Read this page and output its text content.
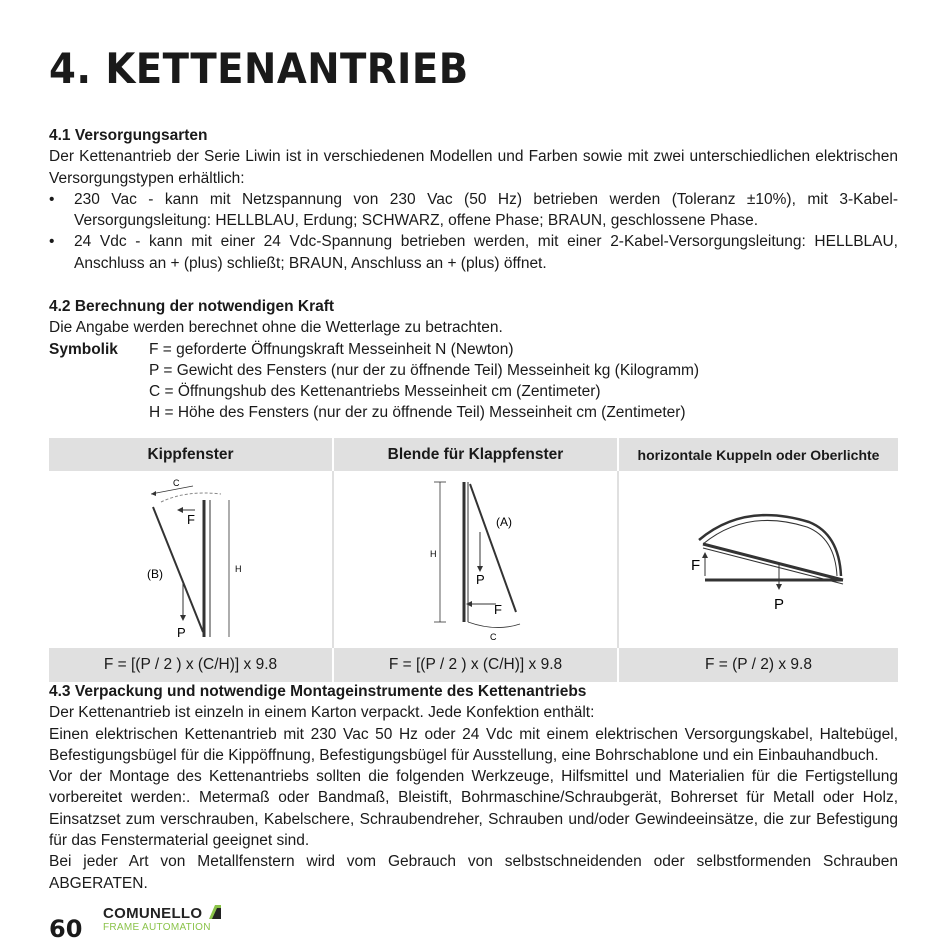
4. KETTENANTRIEB
4.1 Versorgungsarten
Der Kettenantrieb der Serie Liwin ist in verschiedenen Modellen und Farben sowie mit zwei unterschiedlichen elektrischen Versorgungstypen erhältlich:
•	230 Vac - kann mit Netzspannung von 230 Vac (50 Hz) betrieben werden (Toleranz ±10%), mit 3-Kabel-Versorgungsleitung: HELLBLAU, Erdung; SCHWARZ, offene Phase; BRAUN, geschlossene Phase.
•	24 Vdc - kann mit einer 24 Vdc-Spannung betrieben werden, mit einer 2-Kabel-Versorgungsleitung: HELLBLAU, Anschluss an + (plus) schließt; BRAUN, Anschluss an + (plus) öffnet.
4.2 Berechnung der notwendigen Kraft
Die Angabe werden berechnet ohne die Wetterlage zu betrachten.
Symbolik	F = geforderte Öffnungskraft Messeinheit N (Newton)
P = Gewicht des Fensters (nur der zu öffnende Teil) Messeinheit kg (Kilogramm)
C = Öffnungshub des Kettenantriebs Messeinheit cm (Zentimeter)
H = Höhe des Fensters (nur der zu öffnende Teil) Messeinheit cm (Zentimeter)
Kippfenster	Blende für Klappfenster	horizontale Kuppeln oder Oberlichte

C
F
H
(B)
P	H
(A)
P
F
C	F
P

F = [(P / 2 ) x (C/H)] x 9.8	F = [(P / 2 ) x (C/H)] x 9.8	F = (P / 2) x 9.8
4.3 Verpackung und notwendige Montageinstrumente des Kettenantriebs
Der Kettenantrieb ist einzeln in einem Karton verpackt. Jede Konfektion enthält:
Einen elektrischen Kettenantrieb mit 230 Vac 50 Hz oder 24 Vdc mit einem elektrischen Versorgungskabel, Haltebügel, Befestigungsbügel für die Kippöffnung, Befestigungsbügel für Ausstellung, eine Bohrschablone und ein Einbauhandbuch.
Vor der Montage des Kettenantriebs sollten die folgenden Werkzeuge, Hilfsmittel und Materialien für die Fertigstellung vorbereitet werden:. Metermaß oder Bandmaß, Bleistift, Bohrmaschine/Schraubgerät, Bohrerset für Metall oder Holz, Einsatzset zum verschrauben, Kabelschere, Schraubendreher, Schrauben und/oder Gewindeeinsätze, die zur Befestigung für das Fenstermaterial geeignet sind.
Bei jeder Art von Metallfenstern wird vom Gebrauch von selbstschneidenden oder selbstformenden Schrauben ABGERATEN.
60
COMUNELLO
FRAME AUTOMATION
